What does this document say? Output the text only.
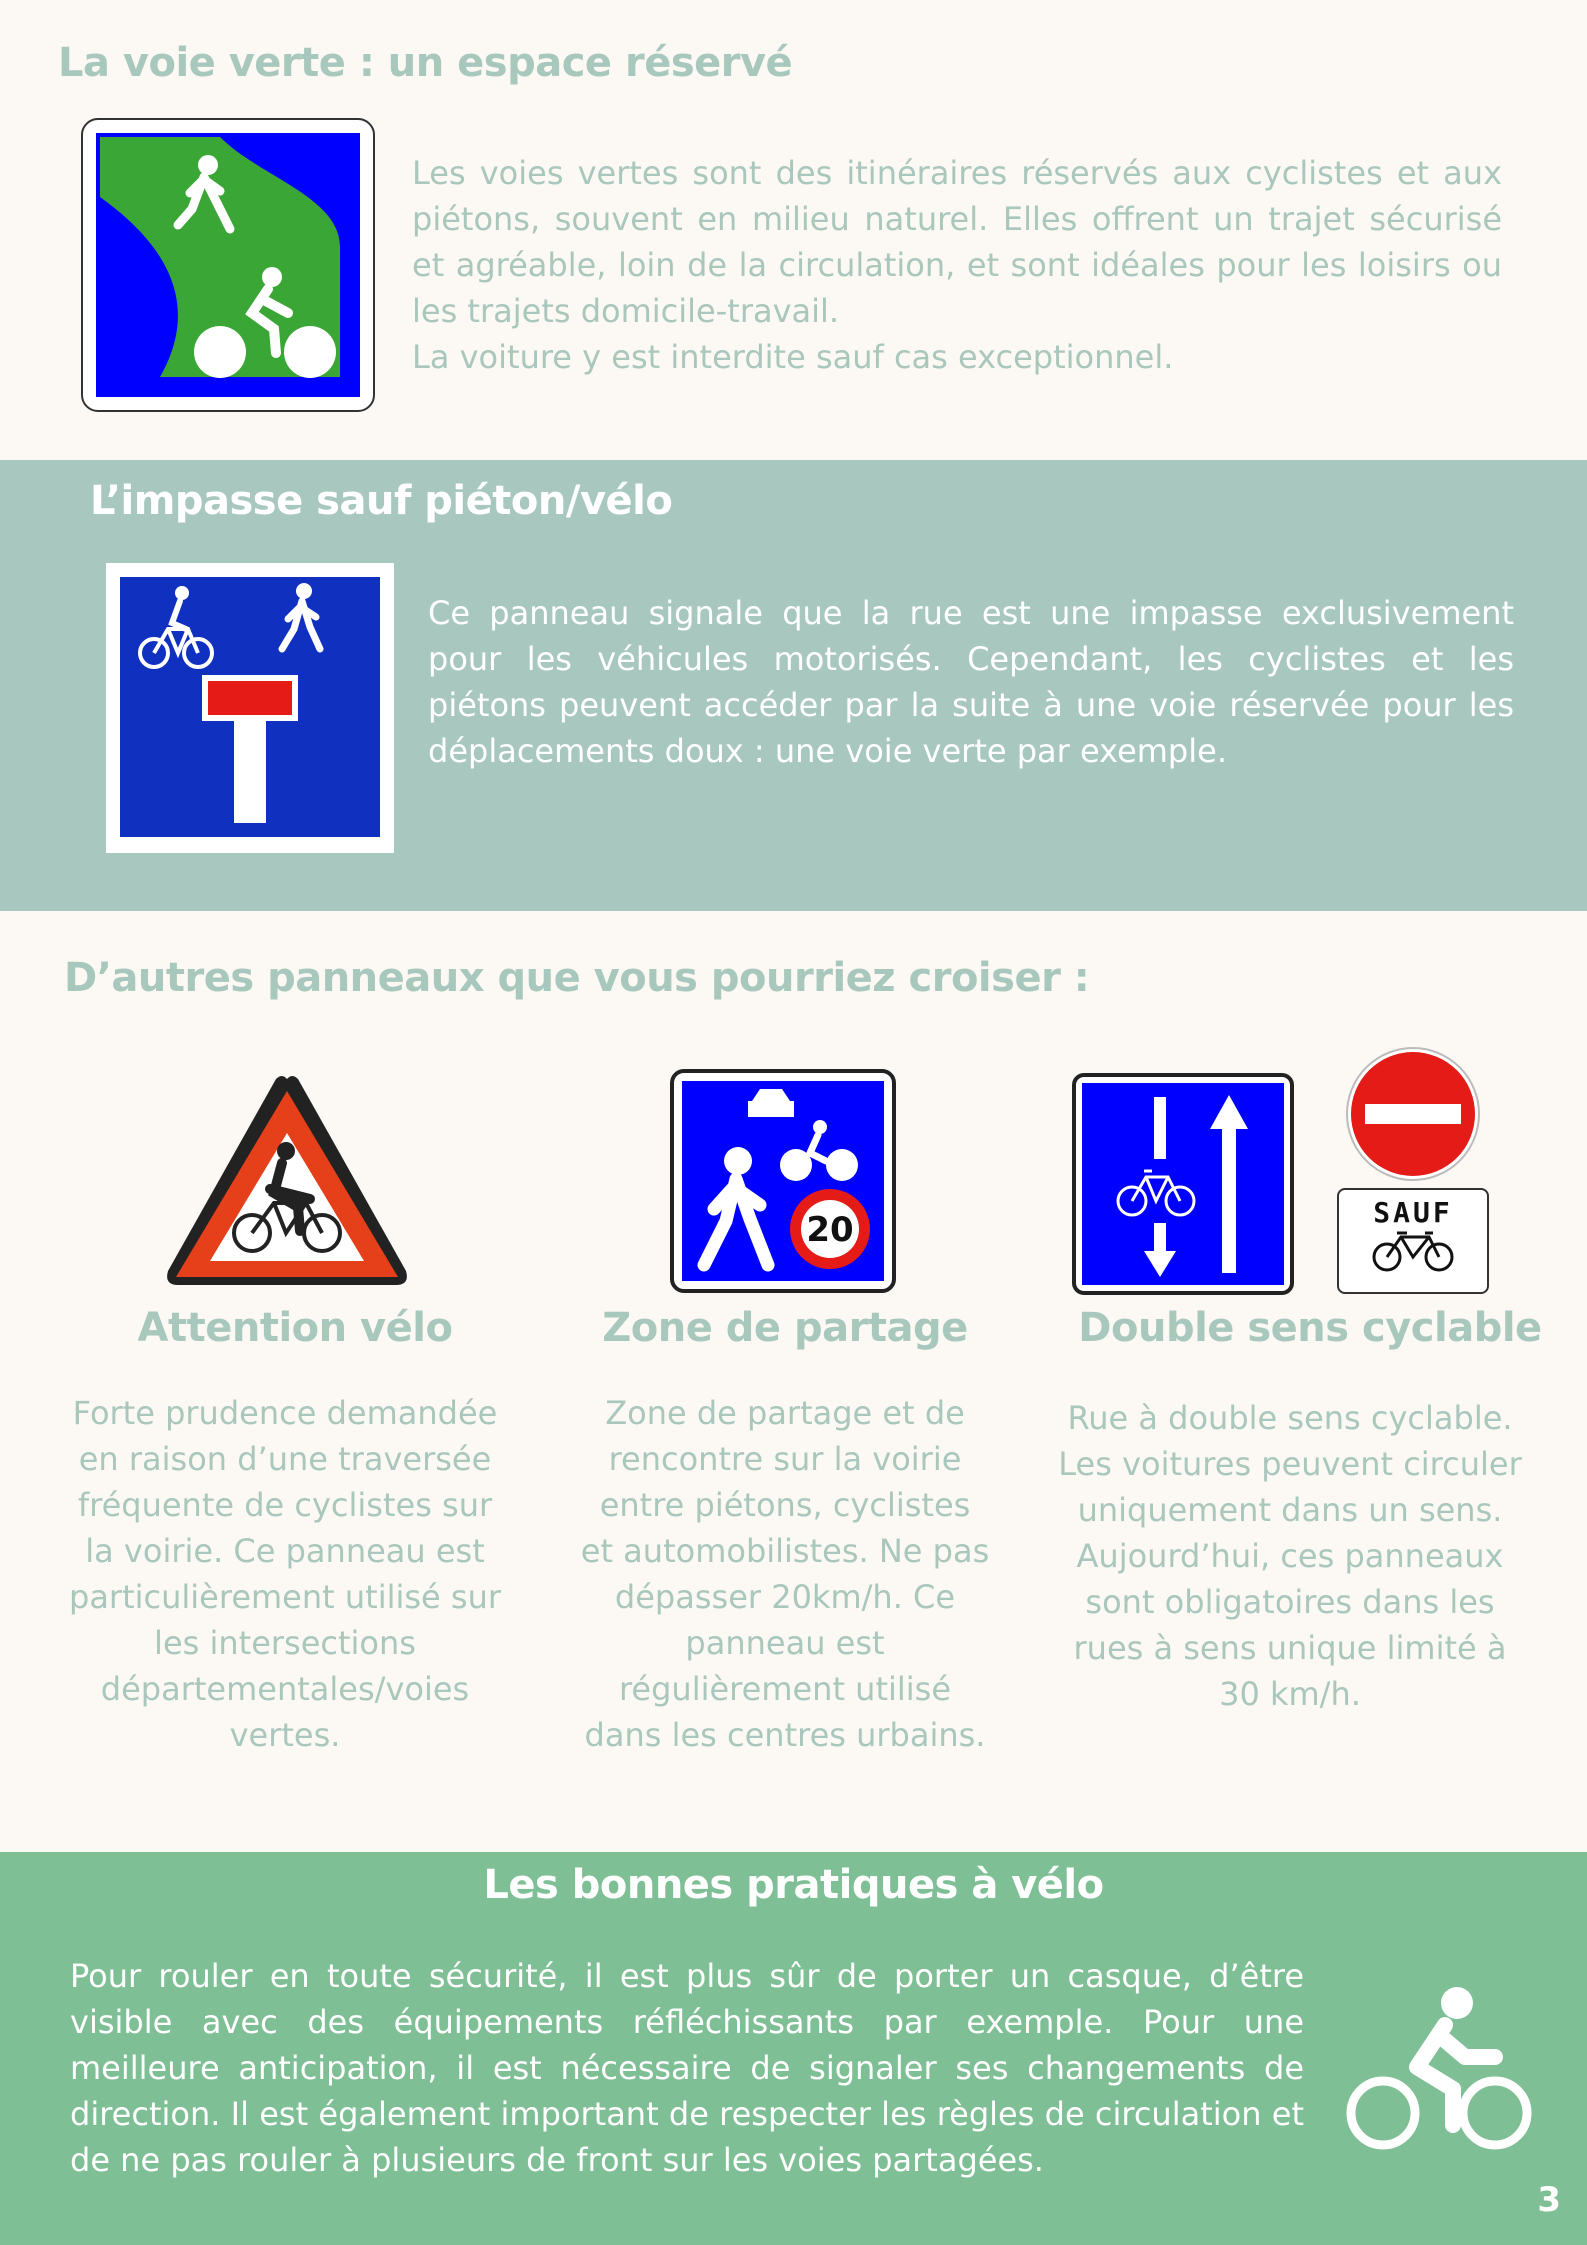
La voie verte : un espace réservé

Les voies vertes sont des itinéraires réservés aux cyclistes et aux piétons, souvent en milieu naturel. Elles offrent un trajet sécurisé et agréable, loin de la circulation, et sont idéales pour les loisirs ou les trajets domicile-travail.
La voiture y est interdite sauf cas exceptionnel.

L’impasse sauf piéton/vélo

Ce panneau signale que la rue est une impasse exclusivement pour les véhicules motorisés. Cependant, les cyclistes et les piétons peuvent accéder par la suite à une voie réservée pour les déplacements doux : une voie verte par exemple.

D’autres panneaux que vous pourriez croiser :
Attention vélo

Forte prudence demandée en raison d’une traversée fréquente de cyclistes sur la voirie. Ce panneau est particulièrement utilisé sur les intersections départementales/voies vertes.

20
Zone de partage

Zone de partage et de rencontre sur la voirie entre piétons, cyclistes et automobilistes. Ne pas dépasser 20km/h. Ce panneau est régulièrement utilisé dans les centres urbains.

SAUF
Double sens cyclable

Rue à double sens cyclable. Les voitures peuvent circuler uniquement dans un sens. Aujourd’hui, ces panneaux sont obligatoires dans les rues à sens unique limité à 30 km/h.

Les bonnes pratiques à vélo

Pour rouler en toute sécurité, il est plus sûr de porter un casque, d’être visible avec des équipements réfléchissants par exemple. Pour une meilleure anticipation, il est nécessaire de signaler ses changements de direction. Il est également important de respecter les règles de circulation et de ne pas rouler à plusieurs de front sur les voies partagées.

3
